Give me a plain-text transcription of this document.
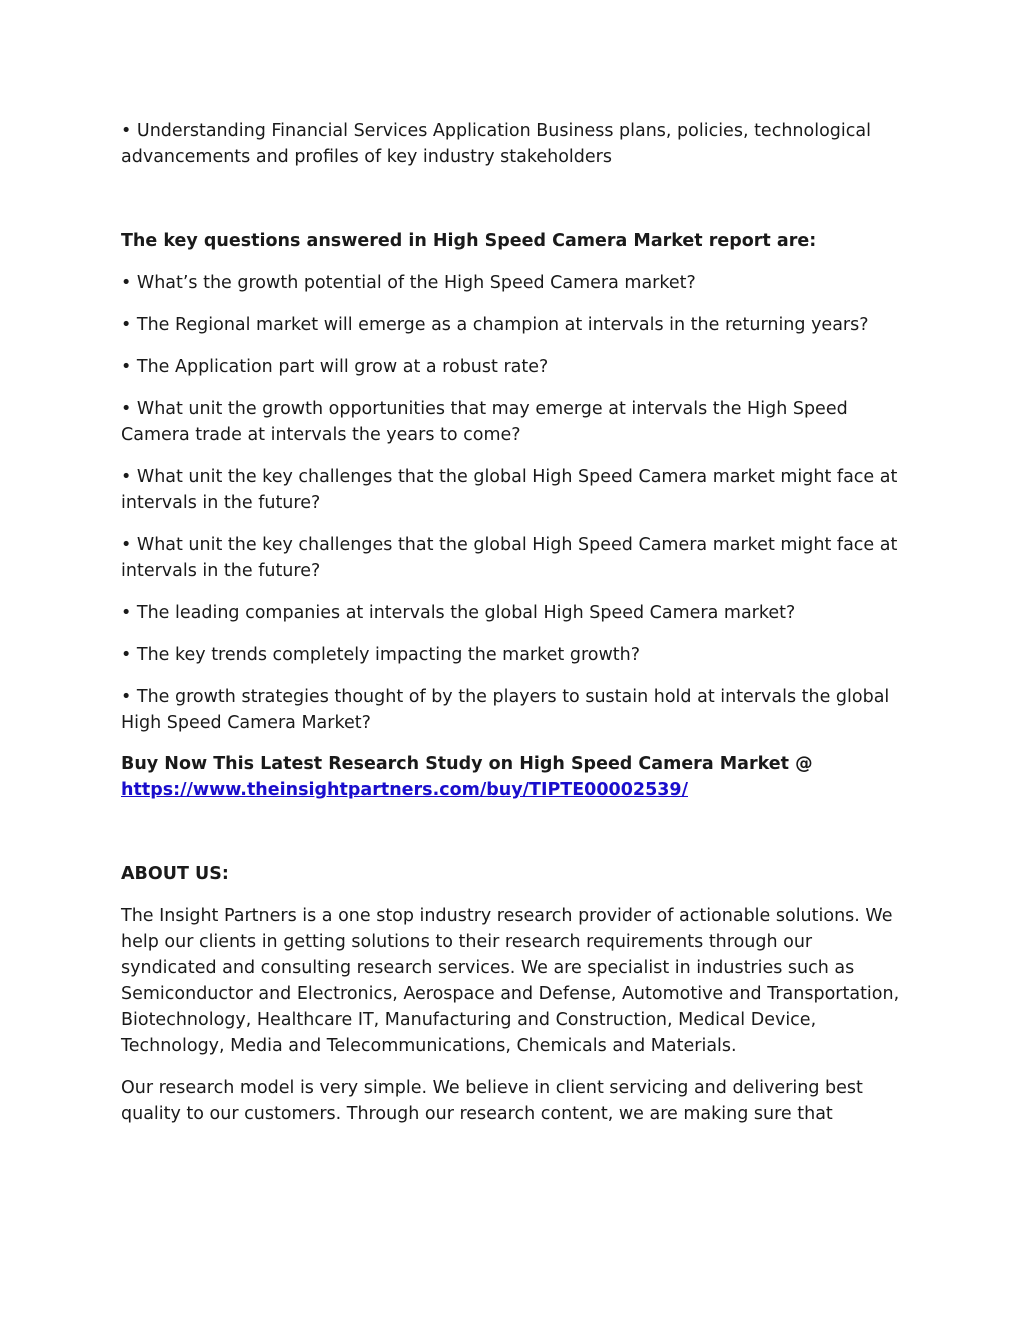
• Understanding Financial Services Application Business plans, policies, technological advancements and profiles of key industry stakeholders

The key questions answered in High Speed Camera Market report are:

• What’s the growth potential of the High Speed Camera market?
• The Regional market will emerge as a champion at intervals in the returning years?
• The Application part will grow at a robust rate?
• What unit the growth opportunities that may emerge at intervals the High Speed Camera trade at intervals the years to come?
• What unit the key challenges that the global High Speed Camera market might face at intervals in the future?
• What unit the key challenges that the global High Speed Camera market might face at intervals in the future?
• The leading companies at intervals the global High Speed Camera market?
• The key trends completely impacting the market growth?
• The growth strategies thought of by the players to sustain hold at intervals the global High Speed Camera Market?

Buy Now This Latest Research Study on High Speed Camera Market @
https://www.theinsightpartners.com/buy/TIPTE00002539/

ABOUT US:

The Insight Partners is a one stop industry research provider of actionable solutions. We help our clients in getting solutions to their research requirements through our syndicated and consulting research services. We are specialist in industries such as Semiconductor and Electronics, Aerospace and Defense, Automotive and Transportation, Biotechnology, Healthcare IT, Manufacturing and Construction, Medical Device, Technology, Media and Telecommunications, Chemicals and Materials.

Our research model is very simple. We believe in client servicing and delivering best quality to our customers. Through our research content, we are making sure that
